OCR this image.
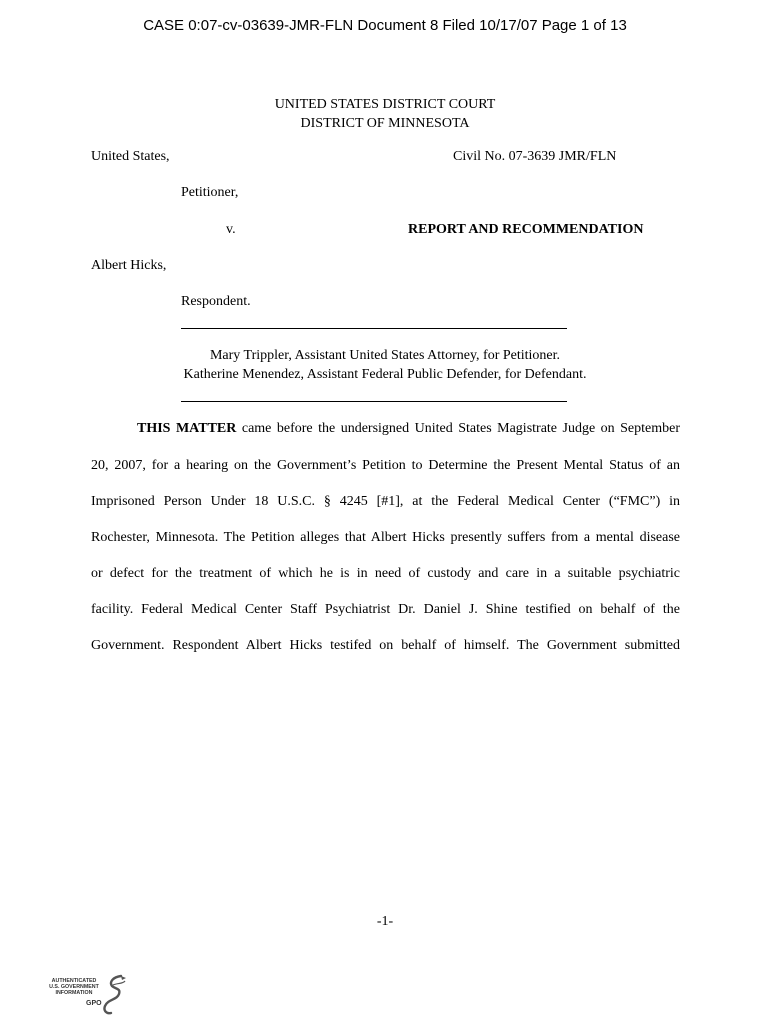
CASE 0:07-cv-03639-JMR-FLN Document 8 Filed 10/17/07 Page 1 of 13
UNITED STATES DISTRICT COURT
DISTRICT OF MINNESOTA
United States,	Civil No. 07-3639 JMR/FLN
Petitioner,
v.	REPORT AND RECOMMENDATION
Albert Hicks,
Respondent.
Mary Trippler, Assistant United States Attorney, for Petitioner.
Katherine Menendez, Assistant Federal Public Defender, for Defendant.
THIS MATTER came before the undersigned United States Magistrate Judge on September
20, 2007, for a hearing on the Government’s Petition to Determine the Present Mental Status of an
Imprisoned Person Under 18 U.S.C. § 4245 [#1], at the Federal Medical Center (“FMC”) in
Rochester, Minnesota. The Petition alleges that Albert Hicks presently suffers from a mental disease
or defect for the treatment of which he is in need of custody and care in a suitable psychiatric
facility. Federal Medical Center Staff Psychiatrist Dr. Daniel J. Shine testified on behalf of the
Government. Respondent Albert Hicks testifed on behalf of himself. The Government submitted
-1-
AUTHENTICATED
U.S. GOVERNMENT
INFORMATION
GPO
